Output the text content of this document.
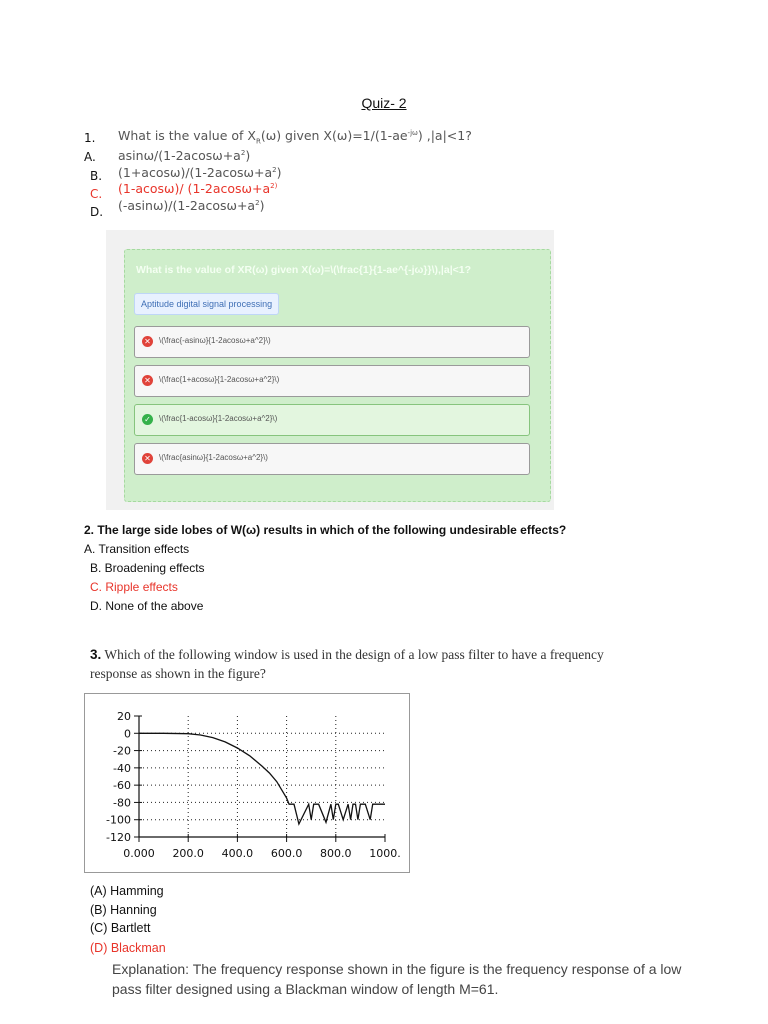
Quiz- 2
1. What is the value of $X_R(\omega)$ given $X(\omega)=1/(1-ae^{-j\omega})$ ,|a|<1?
A. asinω/$(1-2acos\omega+a^2)$
B. $(1+acos\omega)/(1-2acos\omega+a^2)$
C. (1-acosω)/ ($1-2acos\omega+a^{2)}$
D. $(-asin\omega)/(1-2acos\omega+a^2)$
What is the value of XR(ω) given X(ω)=\(\frac{1}{1-ae^{-jω}}\),|a|<1?
Aptitude digital signal processing
✕ \(\frac{-asinω}{1-2acosω+a^2}\)
✕ \(\frac{1+acosω}{1-2acosω+a^2}\)
✓ \(\frac{1-acosω}{1-2acosω+a^2}\)
✕ \(\frac{asinω}{1-2acosω+a^2}\)
2. The large side lobes of W(ω) results in which of the following undesirable effects?
A. Transition effects
B. Broadening effects
C. Ripple effects
D. None of the above
3. Which of the following window is used in the design of a low pass filter to have a frequency response as shown in the figure?
20
0
-20
-40
-60
-80
-100
-120
0.000 200.0 400.0 600.0 800.0 1000.
(A) Hamming
(B) Hanning
(C) Bartlett
(D) Blackman
Explanation: The frequency response shown in the figure is the frequency response of a low pass filter designed using a Blackman window of length M=61.
